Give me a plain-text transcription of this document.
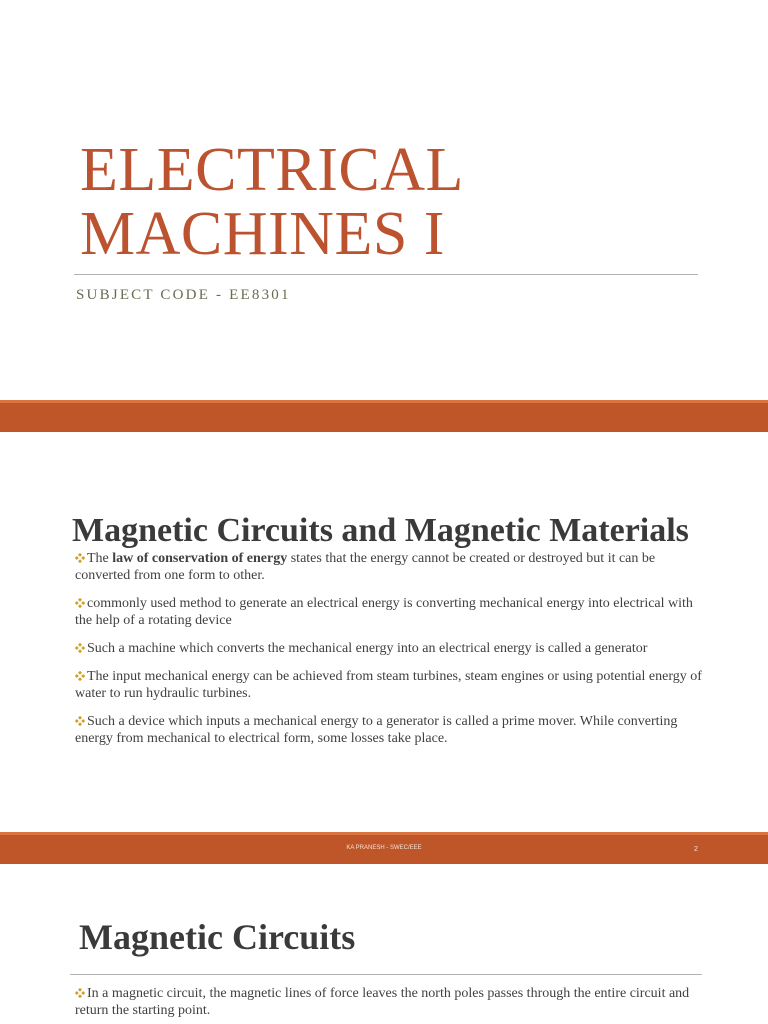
ELECTRICAL
MACHINES I
SUBJECT CODE - EE8301
Magnetic Circuits and Magnetic Materials
The law of conservation of energy states that the energy cannot be created or destroyed but it can be converted from one form to other.
commonly used method to generate an electrical energy is converting mechanical energy into electrical with the help of a rotating device
Such a machine which converts the mechanical energy into an electrical energy is called a generator
The input mechanical energy can be achieved from steam turbines, steam engines or using potential energy of water to run hydraulic turbines.
Such a device which inputs a mechanical energy to a generator is called a prime mover. While converting energy from mechanical to electrical form, some losses take place.
KA PRANESH - SWEC/EEE	2
Magnetic Circuits
In a magnetic circuit, the magnetic lines of force leaves the north poles passes through the entire circuit and return the starting point.
